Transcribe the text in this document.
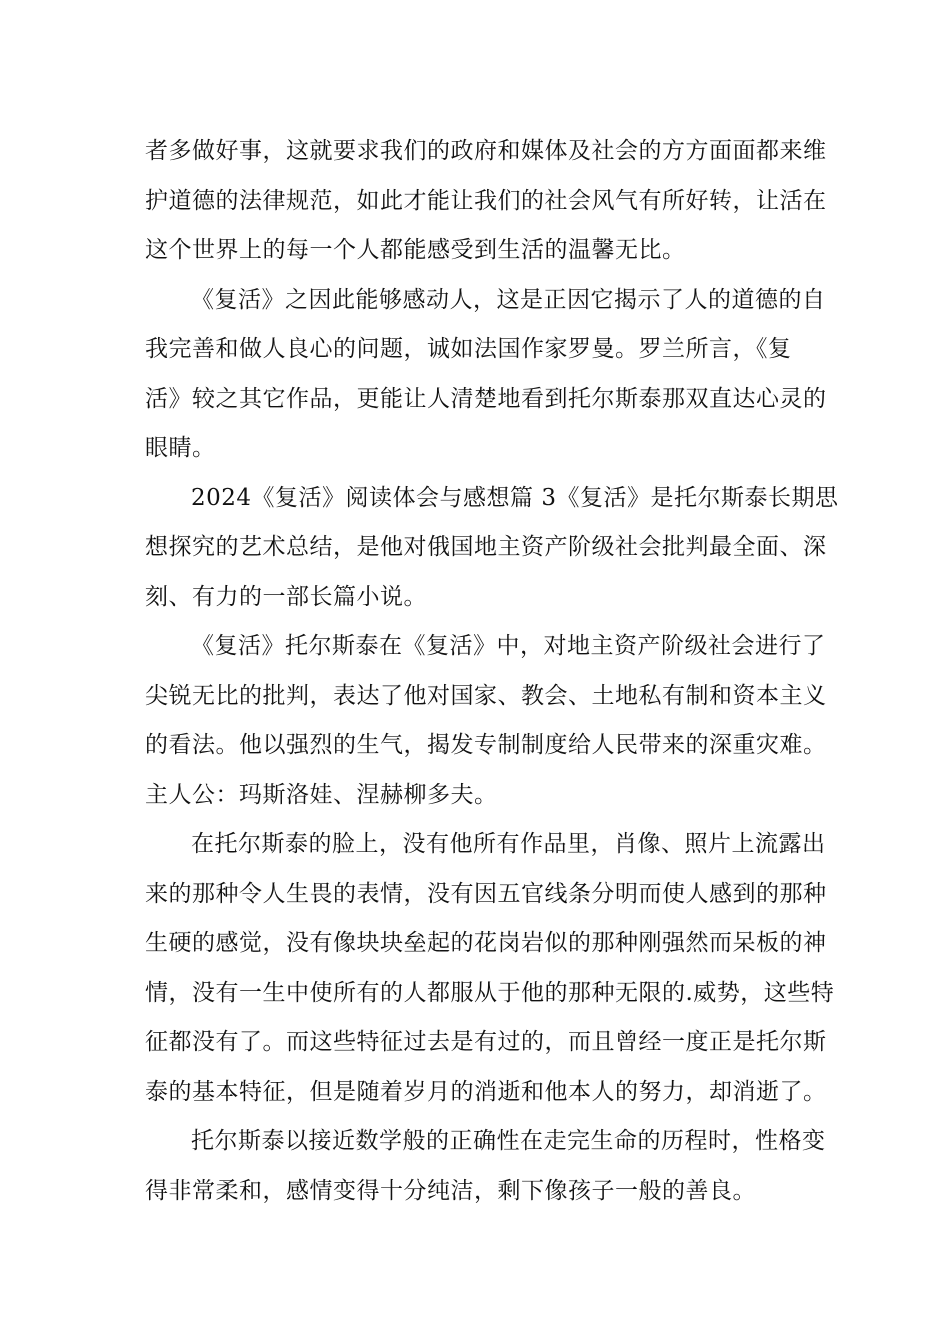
者多做好事，这就要求我们的政府和媒体及社会的方方面面都来维
护道德的法律规范，如此才能让我们的社会风气有所好转，让活在
这个世界上的每一个人都能感受到生活的温馨无比。
《复活》之因此能够感动人，这是正因它揭示了人的道德的自
我完善和做人良心的问题，诚如法国作家罗曼。罗兰所言，《复
活》较之其它作品，更能让人清楚地看到托尔斯泰那双直达心灵的
眼睛。
2024《复活》阅读体会与感想篇 3《复活》是托尔斯泰长期思
想探究的艺术总结，是他对俄国地主资产阶级社会批判最全面、深
刻、有力的一部长篇小说。
《复活》托尔斯泰在《复活》中，对地主资产阶级社会进行了
尖锐无比的批判，表达了他对国家、教会、土地私有制和资本主义
的看法。他以强烈的生气，揭发专制制度给人民带来的深重灾难。
主人公：玛斯洛娃、涅赫柳多夫。
在托尔斯泰的脸上，没有他所有作品里，肖像、照片上流露出
来的那种令人生畏的表情，没有因五官线条分明而使人感到的那种
生硬的感觉，没有像块块垒起的花岗岩似的那种刚强然而呆板的神
情，没有一生中使所有的人都服从于他的那种无限的.威势，这些特
征都没有了。而这些特征过去是有过的，而且曾经一度正是托尔斯
泰的基本特征，但是随着岁月的消逝和他本人的努力，却消逝了。
托尔斯泰以接近数学般的正确性在走完生命的历程时，性格变
得非常柔和，感情变得十分纯洁，剩下像孩子一般的善良。
